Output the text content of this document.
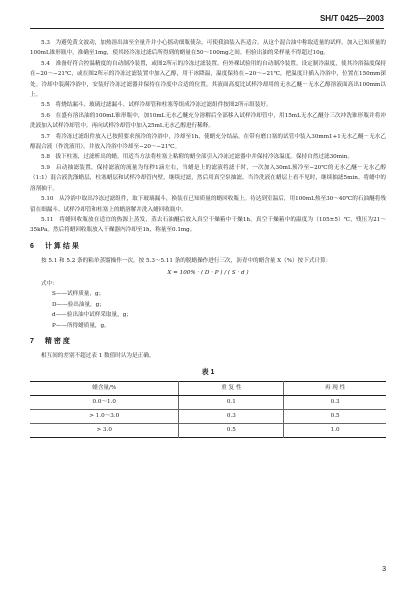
SH/T 0425—2003

5.3　为避免黄文波动，加热溶出油至全量升并小心摇动细瓶使杂，可使我油装入匹适合。从这个混合油中称取适量的试样，加入已知质量的100mL锥形瓶中，准确至1mg，使其经冷冻过滤后所得到的蜡量在50～100mg之间。但验出油的采样量不得超过10g。

5.4　准备好符合控温精度的自动制冷装置，或图2所示的冷冻过滤装置。但外裸试验用的自动制冷装置。设定制冷温度，使其冷浴温度保持在−20～−21℃，或在图2所示的冷冻过滤装置中加入乙醇，用干冰降温，温度保持在−20～−21℃，把温度计插入冷浴中，位置在150mm深处。冷却中装满冷浴中，安装好冷冻过滤器并保持在冷度中合适的位置。其液面高度比试样冷却用的无水乙醚－无水乙醇溶液面高出100mm以上。

5.5　将烧结漏斗、玻璃过滤漏斗、试样冷却管和柱塞等组成冷冻过滤组件按图2所示组装好。

5.6　在盛有溶出油的100mL锥形瓶中，加10mL无水乙醚充分溶解后全部移入试样冷却管中，用15mL无水乙醚分三次冲洗锥形瓶并将冲洗液加入试样冷却管中。再向试样冷却管中加入25mL无水乙醇进行稀释。

5.7　将冷冻过滤组件放入已按照要求预冷的冷浴中，冷却至1h，使蜡充分结晶。在带有磨口塞的试管中装入30mm1+1无水乙醚－无水乙醇混合液（作洗液用），并放入冷浴中冷却至−20～−21℃。

5.8　拔下柱塞，过滤析出的蜡。用适当方法将柱塞上粘附的蜡全部引入冷冻过滤器中并保持冷冻温度。保持自然过滤30min。

5.9　启动抽滤装置，保持滤液的流量为每秒1滴左右，当蜡是上的滤液将滤干时，一次加入30mL预冷至−20℃的无水乙醚－无水乙醇（1:1）混合液洗涤蜡层，柱塞蜡层和试样冷却管内壁，继续过滤，然后用真空泵抽滤。当冷洗液在蜡层上看不见时，继续抽滤5min。将蜡中的溶剂抽干。

5.10　从冷浴中取出冷冻过滤组件，取下玻璃漏斗，换装在已知质量的蜡回收瓶上。待达到室温后，用100mL热至30～40℃的石油醚将残留在细漏斗、试样冷却管和柱塞上的蜡溶解并洗入蜡回收瓶中。

5.11　将蜡回收瓶放在适宜的热源上蒸发，蒸去石油醚后放入真空干燥箱中干燥1h。真空干燥箱中的温度为（105±5）℃，残压为21～35kPa。然后将蜡回收瓶放入干燥器内冷却至1h，称量至0.1mg。

6　计算结果

按 5.1 和 5.2 条的粘单蒸馏操作一次，按 5.3～5.11 条的脱蜡操作进行三次，沥青中的蜡含量 X（%）按下式计算：

X = 100% · ( D · P ) / ( S · d )

式中：

S——试样质量，g；

D——验出油量，g；

d——验出油中试样采取量，g；

P——所得蜡质量，g。

7　精密度

相互间的差别不超过表 1 数值时认为是正确。

表 1

蜡含量/%	重 复 性	再 现 性
0.0～1.0	0.1	0.3
> 1.0～3.0	0.3	0.5
> 3.0	0.5	1.0
3
